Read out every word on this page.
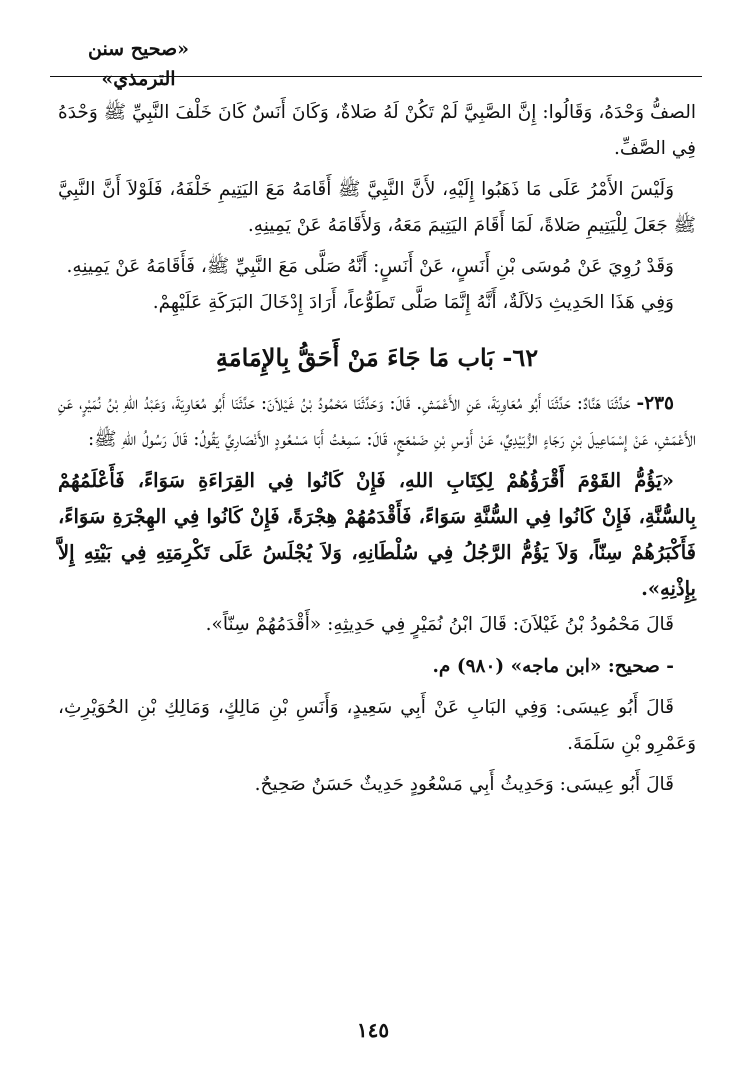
«صحيح سنن الترمذي»

الصفُّ وَحْدَهُ، وَقَالُوا: إِنَّ الصَّبِيَّ لَمْ تَكُنْ لَهُ صَلاةٌ، وَكَانَ أَنَسٌ كَانَ خَلْفَ النَّبِيِّ ﷺ وَحْدَهُ فِي الصَّفِّ.

وَلَيْسَ الأَمْرُ عَلَى مَا ذَهَبُوا إِلَيْهِ، لأَنَّ النَّبِيَّ ﷺ أَقَامَهُ مَعَ اليَتِيمِ خَلْفَهُ، فَلَوْلاَ أَنَّ النَّبِيَّ ﷺ جَعَلَ لِلْيَتِيمِ صَلاةً، لَمَا أَقَامَ اليَتِيمَ مَعَهُ، وَلأَقَامَهُ عَنْ يَمِينِهِ.

وَقَدْ رُوِيَ عَنْ مُوسَى بْنِ أَنَسٍ، عَنْ أَنَسٍ: أَنَّهُ صَلَّى مَعَ النَّبِيِّ ﷺ، فَأَقَامَهُ عَنْ يَمِينِهِ.

وَفِي هَذَا الحَدِيثِ دَلاَلَةٌ، أَنَّهُ إِنَّمَا صَلَّى تَطَوُّعاً، أَرَادَ إِدْخَالَ البَرَكَةِ عَلَيْهِمْ.

٦٢- بَاب مَا جَاءَ مَنْ أَحَقُّ بِالإِمَامَةِ

٢٣٥- حَدَّثَنَا هَنَّادٌ: حَدَّثَنَا أَبُو مُعَاوِيَةَ، عَنِ الأَعْمَشِ. قَالَ: وَحَدَّثَنَا مَحْمُودُ بْنُ غَيْلاَنَ: حَدَّثَنَا أَبُو مُعَاوِيَةَ، وَعَبْدُ اللهِ بْنُ نُمَيْرٍ، عَنِ الأَعْمَشِ، عَنْ إِسْمَاعِيلَ بْنِ رَجَاءٍ الزُّبَيْدِيِّ، عَنْ أَوْسِ بْنِ ضَمْعَجٍ، قَالَ: سَمِعْتُ أَبَا مَسْعُودٍ الأَنْصَارِيَّ يَقُولُ: قَالَ رَسُولُ اللهِ ﷺ:

«يَؤُمُّ القَوْمَ أَقْرَؤُهُمْ لِكِتَابِ اللهِ، فَإِنْ كَانُوا فِي القِرَاءَةِ سَوَاءً، فَأَعْلَمُهُمْ بِالسُّنَّةِ، فَإِنْ كَانُوا فِي السُّنَّةِ سَوَاءً، فَأَقْدَمُهُمْ هِجْرَةً، فَإِنْ كَانُوا فِي الهِجْرَةِ سَوَاءً، فَأَكْبَرُهُمْ سِنّاً، وَلاَ يَؤُمُّ الرَّجُلُ فِي سُلْطَانِهِ، وَلاَ يُجْلَسُ عَلَى تَكْرِمَتِهِ فِي بَيْتِهِ إِلاَّ بِإِذْنِهِ».

قَالَ مَحْمُودُ بْنُ غَيْلاَنَ: قَالَ ابْنُ نُمَيْرٍ فِي حَدِيثِهِ: «أَقْدَمُهُمْ سِنّاً».

- صحيح: «ابن ماجه» (٩٨٠) م.

قَالَ أَبُو عِيسَى: وَفِي البَابِ عَنْ أَبِي سَعِيدٍ، وَأَنَسِ بْنِ مَالِكٍ، وَمَالِكِ بْنِ الحُوَيْرِثِ، وَعَمْرِو بْنِ سَلَمَةَ.

قَالَ أَبُو عِيسَى: وَحَدِيثُ أَبِي مَسْعُودٍ حَدِيثٌ حَسَنٌ صَحِيحٌ.

١٤٥
